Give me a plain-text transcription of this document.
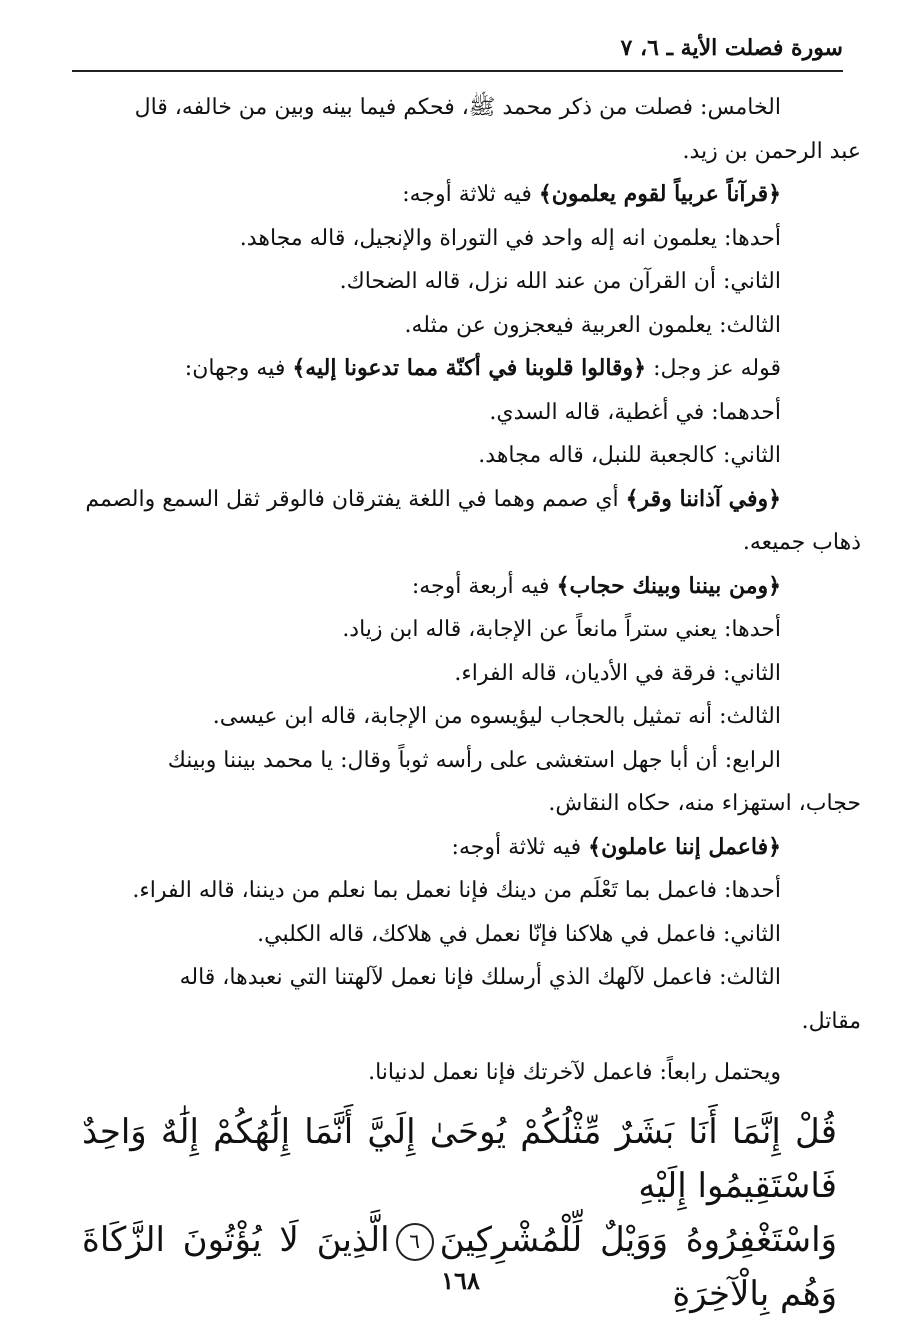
سورة فصلت الأية ـ ٦، ٧

الخامس: فصلت من ذكر محمد ﷺ، فحكم فيما بينه وبين من خالفه، قال

عبد الرحمن بن زيد.

﴿قرآناً عربياً لقوم يعلمون﴾ فيه ثلاثة أوجه:

أحدها: يعلمون انه إله واحد في التوراة والإنجيل، قاله مجاهد.

الثاني: أن القرآن من عند الله نزل، قاله الضحاك.

الثالث: يعلمون العربية فيعجزون عن مثله.

قوله عز وجل: ﴿وقالوا قلوبنا في أكنّة مما تدعونا إليه﴾ فيه وجهان:

أحدهما: في أغطية، قاله السدي.

الثاني: كالجعبة للنبل، قاله مجاهد.

﴿وفي آذاننا وقر﴾ أي صمم وهما في اللغة يفترقان فالوقر ثقل السمع والصمم

ذهاب جميعه.

﴿ومن بيننا وبينك حجاب﴾ فيه أربعة أوجه:

أحدها: يعني ستراً مانعاً عن الإجابة، قاله ابن زياد.

الثاني: فرقة في الأديان، قاله الفراء.

الثالث: أنه تمثيل بالحجاب ليؤيسوه من الإجابة، قاله ابن عيسى.

الرابع: أن أبا جهل استغشى على رأسه ثوباً وقال: يا محمد بيننا وبينك

حجاب، استهزاء منه، حكاه النقاش.

﴿فاعمل إننا عاملون﴾ فيه ثلاثة أوجه:

أحدها: فاعمل بما تَعْلَم من دينك فإنا نعمل بما نعلم من ديننا، قاله الفراء.

الثاني: فاعمل في هلاكنا فإنّا نعمل في هلاكك، قاله الكلبي.

الثالث: فاعمل لآلهك الذي أرسلك فإنا نعمل لآلهتنا التي نعبدها، قاله

مقاتل.

ويحتمل رابعاً: فاعمل لآخرتك فإنا نعمل لدنيانا.

قُلْ إِنَّمَا أَنَا بَشَرٌ مِّثْلُكُمْ يُوحَىٰ إِلَيَّ أَنَّمَا إِلَٰهُكُمْ إِلَٰهٌ وَاحِدٌ فَاسْتَقِيمُوا إِلَيْهِ

وَاسْتَغْفِرُوهُ وَوَيْلٌ لِّلْمُشْرِكِينَ٦الَّذِينَ لَا يُؤْتُونَ الزَّكَاةَ وَهُم بِالْآخِرَةِ

١٦٨
